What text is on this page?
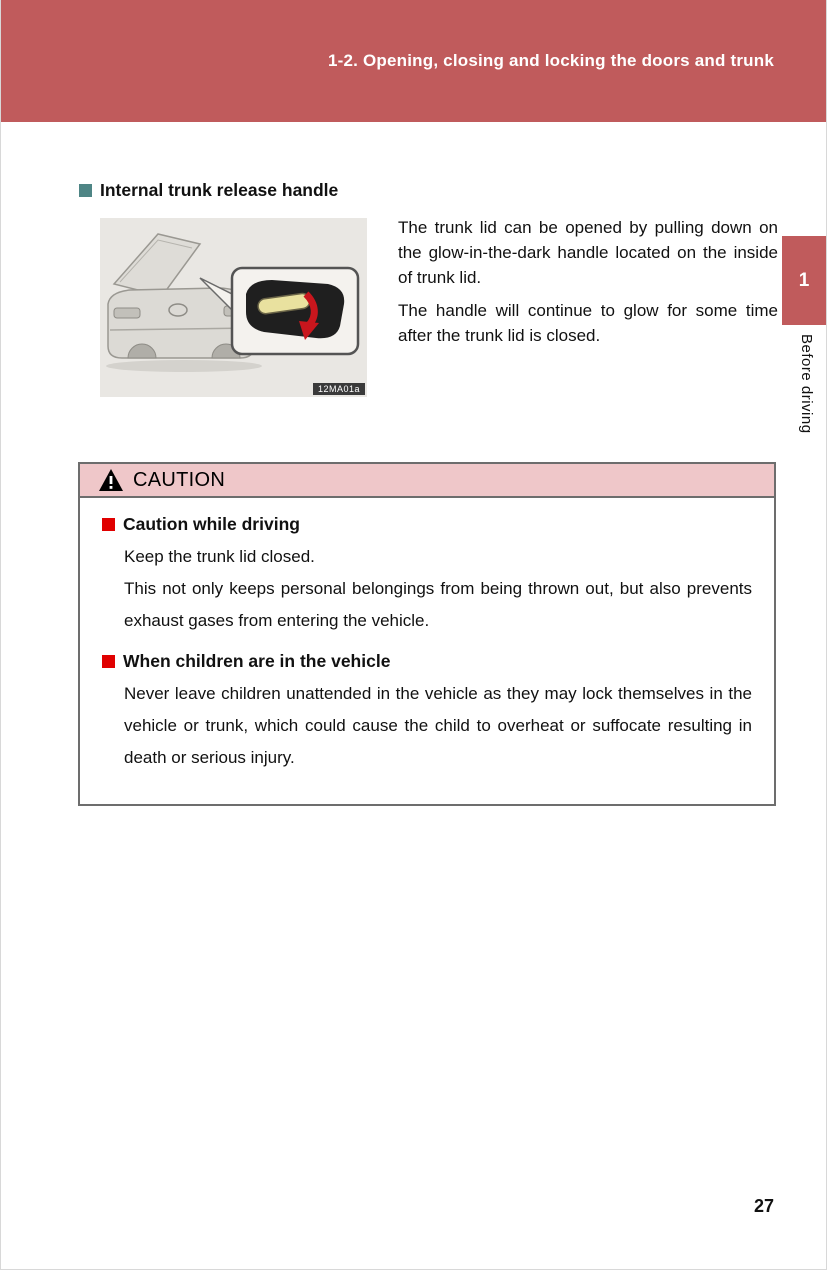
1-2. Opening, closing and locking the doors and trunk
Internal trunk release handle
12MA01a

The trunk lid can be opened by pulling down on the glow-in-the-dark handle located on the inside of trunk lid.

The handle will continue to glow for some time after the trunk lid is closed.

1
Before driving
CAUTION
Caution while driving

Keep the trunk lid closed.

This not only keeps personal belongings from being thrown out, but also prevents exhaust gases from entering the vehicle.

When children are in the vehicle

Never leave children unattended in the vehicle as they may lock themselves in the vehicle or trunk, which could cause the child to overheat or suffocate resulting in death or serious injury.

27
